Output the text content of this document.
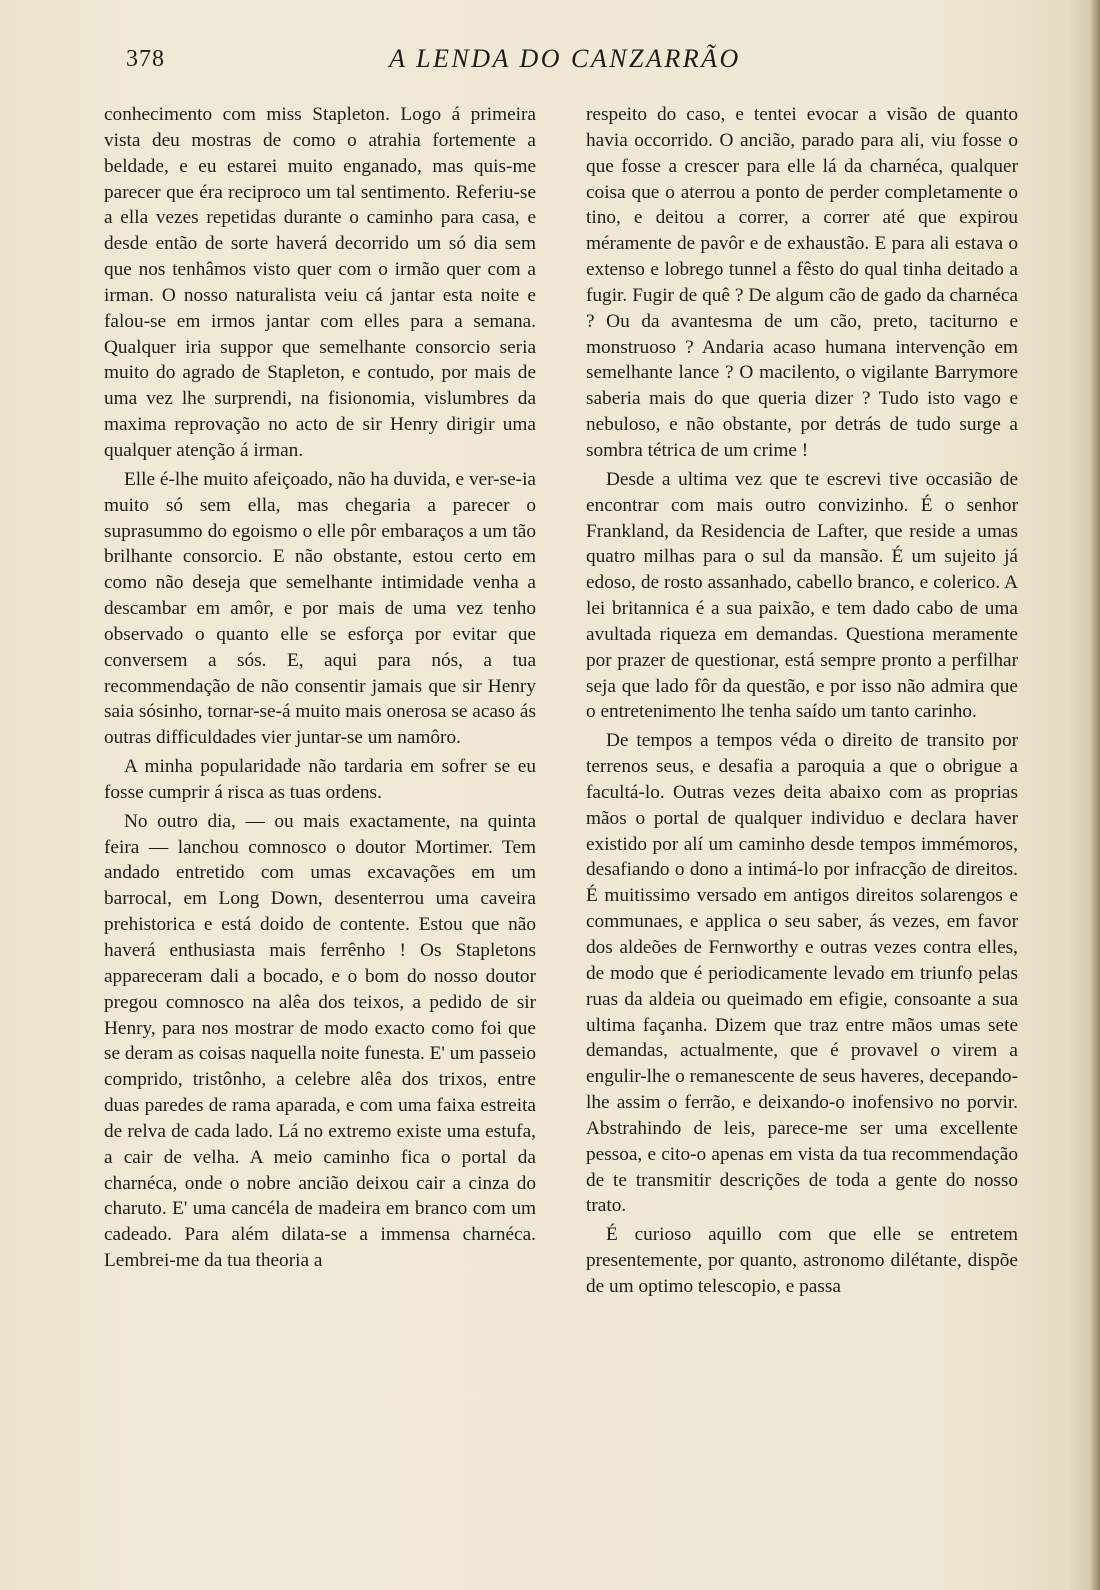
378	A LENDA DO CANZARRÃO

conhecimento com miss Stapleton. Logo á primeira vista deu mostras de como o atrahia fortemente a beldade, e eu estarei muito enganado, mas quis-me parecer que éra reciproco um tal sentimento. Referiu-se a ella vezes repetidas durante o caminho para casa, e desde então de sorte haverá decorrido um só dia sem que nos tenhâmos visto quer com o irmão quer com a irman. O nosso naturalista veiu cá jantar esta noite e falou-se em irmos jantar com elles para a semana. Qualquer iria suppor que semelhante consorcio seria muito do agrado de Stapleton, e contudo, por mais de uma vez lhe surprendi, na fisionomia, vislumbres da maxima reprovação no acto de sir Henry dirigir uma qualquer atenção á irman.

Elle é-lhe muito afeiçoado, não ha duvida, e ver-se-ia muito só sem ella, mas chegaria a parecer o suprasummo do egoismo o elle pôr embaraços a um tão brilhante consorcio. E não obstante, estou certo em como não deseja que semelhante intimidade venha a descambar em amôr, e por mais de uma vez tenho observado o quanto elle se esforça por evitar que conversem a sós. E, aqui para nós, a tua recommendação de não consentir jamais que sir Henry saia sósinho, tornar-se-á muito mais onerosa se acaso ás outras difficuldades vier juntar-se um namôro.

A minha popularidade não tardaria em sofrer se eu fosse cumprir á risca as tuas ordens.

No outro dia, — ou mais exactamente, na quinta feira — lanchou comnosco o doutor Mortimer. Tem andado entretido com umas excavações em um barrocal, em Long Down, desenterrou uma caveira prehistorica e está doido de contente. Estou que não haverá enthusiasta mais ferrênho ! Os Stapletons appareceram dali a bocado, e o bom do nosso doutor pregou comnosco na alêa dos teixos, a pedido de sir Henry, para nos mostrar de modo exacto como foi que se deram as coisas naquella noite funesta. E' um passeio comprido, tristônho, a celebre alêa dos trixos, entre duas paredes de rama aparada, e com uma faixa estreita de relva de cada lado. Lá no extremo existe uma estufa, a cair de velha. A meio caminho fica o portal da charnéca, onde o nobre ancião deixou cair a cinza do charuto. E' uma cancéla de madeira em branco com um cadeado. Para além dilata-se a immensa charnéca. Lembrei-me da tua theoria a

respeito do caso, e tentei evocar a visão de quanto havia occorrido. O ancião, parado para ali, viu fosse o que fosse a crescer para elle lá da charnéca, qualquer coisa que o aterrou a ponto de perder completamente o tino, e deitou a correr, a correr até que expirou méramente de pavôr e de exhaustão. E para ali estava o extenso e lobrego tunnel a fêsto do qual tinha deitado a fugir. Fugir de quê ? De algum cão de gado da charnéca ? Ou da avantesma de um cão, preto, taciturno e monstruoso ? Andaria acaso humana intervenção em semelhante lance ? O macilento, o vigilante Barrymore saberia mais do que queria dizer ? Tudo isto vago e nebuloso, e não obstante, por detrás de tudo surge a sombra tétrica de um crime !

Desde a ultima vez que te escrevi tive occasião de encontrar com mais outro convizinho. É o senhor Frankland, da Residencia de Lafter, que reside a umas quatro milhas para o sul da mansão. É um sujeito já edoso, de rosto assanhado, cabello branco, e colerico. A lei britannica é a sua paixão, e tem dado cabo de uma avultada riqueza em demandas. Questiona meramente por prazer de questionar, está sempre pronto a perfilhar seja que lado fôr da questão, e por isso não admira que o entretenimento lhe tenha saído um tanto carinho.

De tempos a tempos véda o direito de transito por terrenos seus, e desafia a paroquia a que o obrigue a facultá-lo. Outras vezes deita abaixo com as proprias mãos o portal de qualquer individuo e declara haver existido por alí um caminho desde tempos immémoros, desafiando o dono a intimá-lo por infracção de direitos. É muitissimo versado em antigos direitos solarengos e communaes, e applica o seu saber, ás vezes, em favor dos aldeões de Fernworthy e outras vezes contra elles, de modo que é periodicamente levado em triunfo pelas ruas da aldeia ou queimado em efigie, consoante a sua ultima façanha. Dizem que traz entre mãos umas sete demandas, actualmente, que é provavel o virem a engulir-lhe o remanescente de seus haveres, decepando-lhe assim o ferrão, e deixando-o inofensivo no porvir. Abstrahindo de leis, parece-me ser uma excellente pessoa, e cito-o apenas em vista da tua recommendação de te transmitir descrições de toda a gente do nosso trato.

É curioso aquillo com que elle se entretem presentemente, por quanto, astronomo dilétante, dispõe de um optimo telescopio, e passa
